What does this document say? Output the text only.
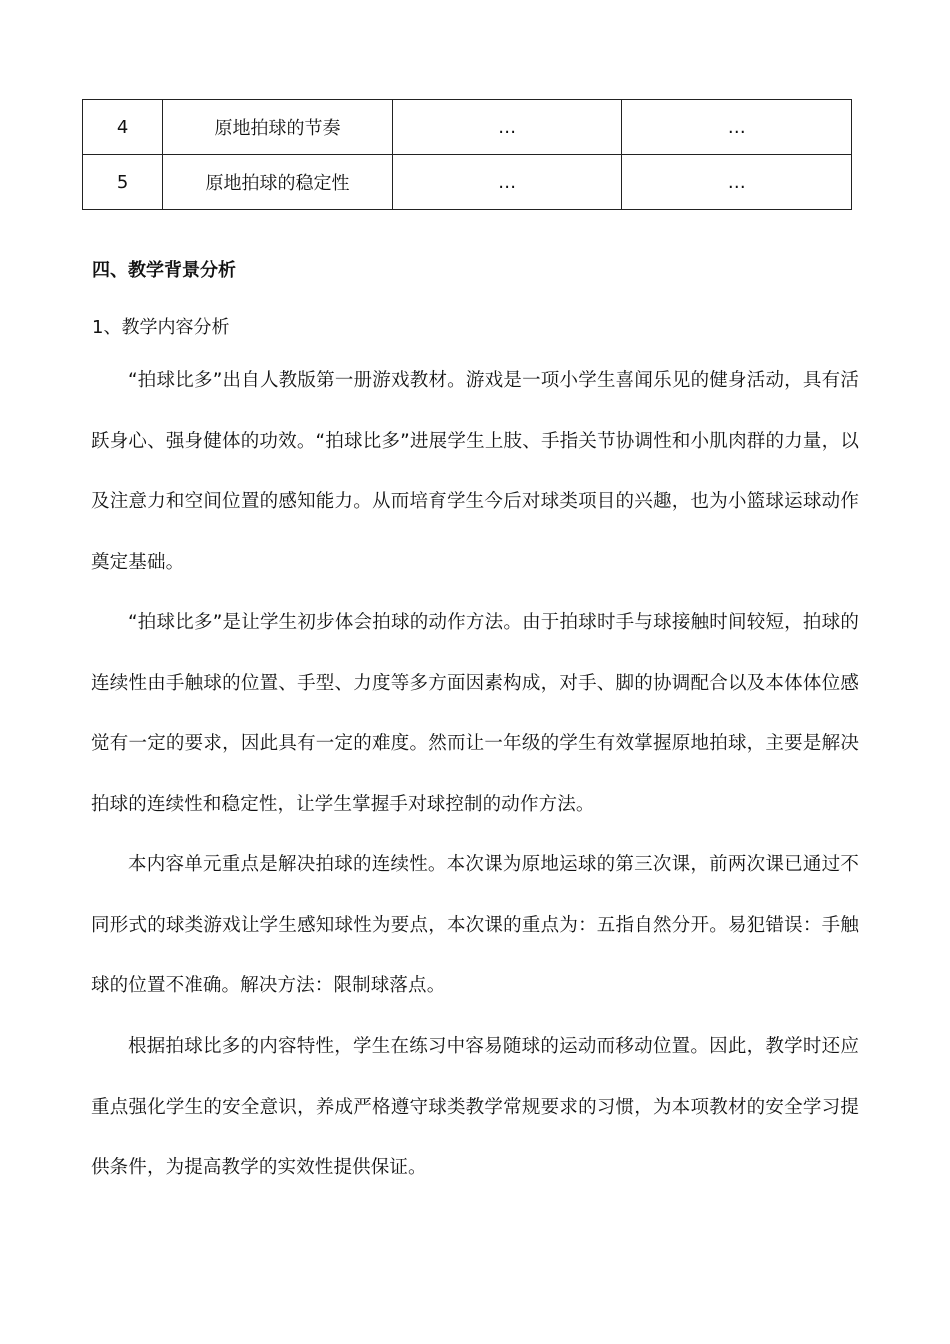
4	原地拍球的节奏	…	…
5	原地拍球的稳定性	…	…
四、教学背景分析

1、教学内容分析

“拍球比多”出自人教版第一册游戏教材。游戏是一项小学生喜闻乐见的健身活动，具有活跃身心、强身健体的功效。“拍球比多”进展学生上肢、手指关节协调性和小肌肉群的力量，以及注意力和空间位置的感知能力。从而培育学生今后对球类项目的兴趣，也为小篮球运球动作奠定基础。

“拍球比多”是让学生初步体会拍球的动作方法。由于拍球时手与球接触时间较短，拍球的连续性由手触球的位置、手型、力度等多方面因素构成，对手、脚的协调配合以及本体体位感觉有一定的要求，因此具有一定的难度。然而让一年级的学生有效掌握原地拍球，主要是解决拍球的连续性和稳定性，让学生掌握手对球控制的动作方法。

本内容单元重点是解决拍球的连续性。本次课为原地运球的第三次课，前两次课已通过不同形式的球类游戏让学生感知球性为要点，本次课的重点为：五指自然分开。易犯错误：手触球的位置不准确。解决方法：限制球落点。

根据拍球比多的内容特性，学生在练习中容易随球的运动而移动位置。因此，教学时还应重点强化学生的安全意识，养成严格遵守球类教学常规要求的习惯，为本项教材的安全学习提供条件，为提高教学的实效性提供保证。
